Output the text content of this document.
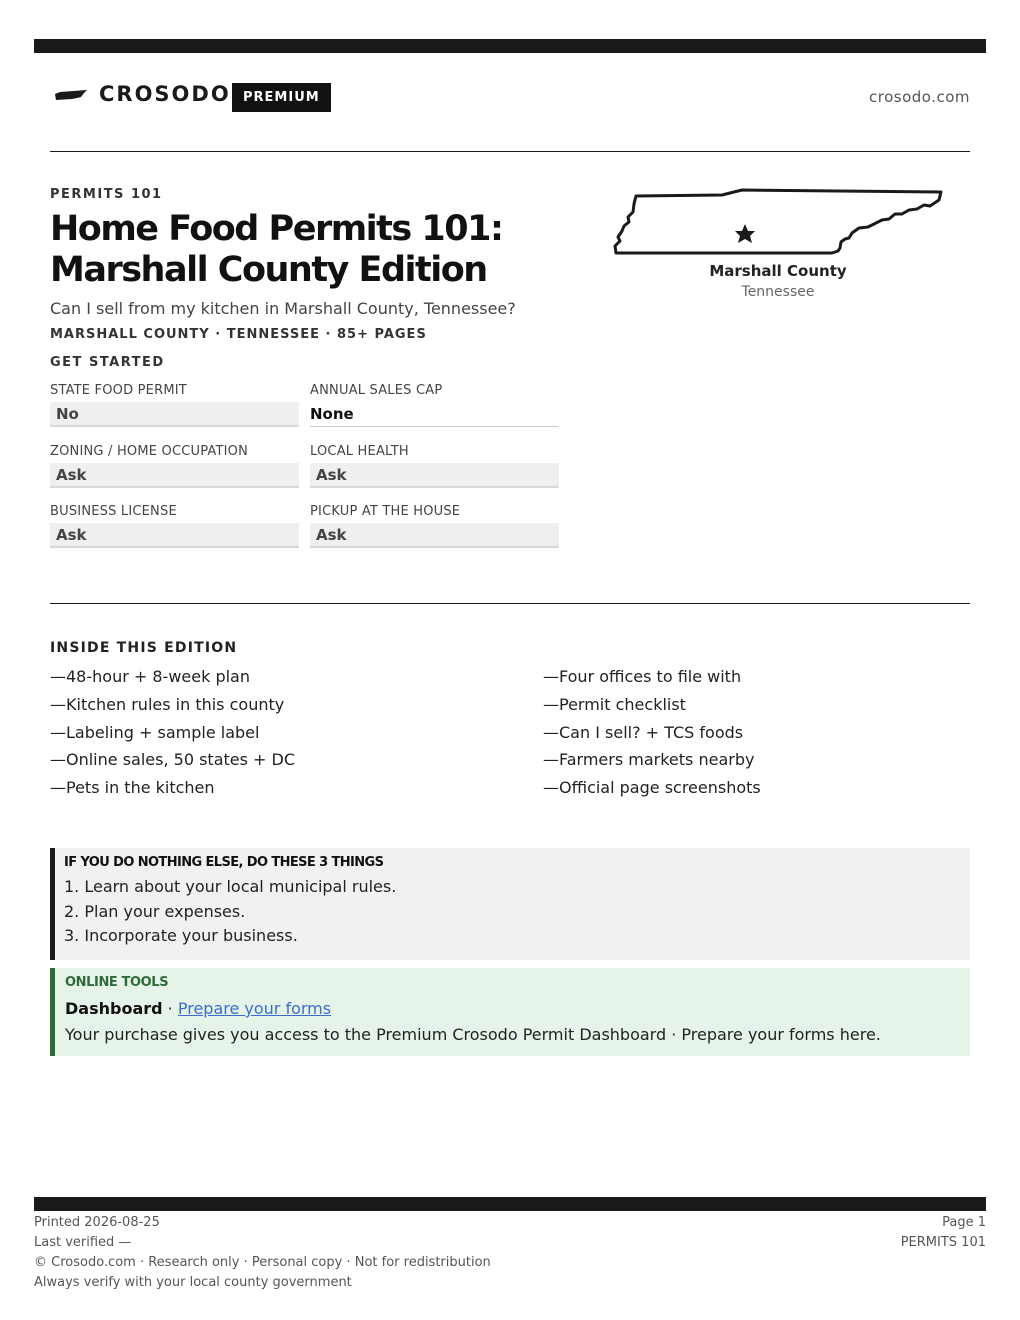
CROSODO PREMIUM	crosodo.com
PERMITS 101
Home Food Permits 101: Marshall County Edition
Can I sell from my kitchen in Marshall County, Tennessee?
MARSHALL COUNTY · TENNESSEE · 85+ PAGES
GET STARTED
STATE FOOD PERMIT
No
ANNUAL SALES CAP
None
ZONING / HOME OCCUPATION
Ask
LOCAL HEALTH
Ask
BUSINESS LICENSE
Ask
PICKUP AT THE HOUSE
Ask
Marshall County
Tennessee
INSIDE THIS EDITION
—48-hour + 8-week plan
—Kitchen rules in this county
—Labeling + sample label
—Online sales, 50 states + DC
—Pets in the kitchen
—Four offices to file with
—Permit checklist
—Can I sell? + TCS foods
—Farmers markets nearby
—Official page screenshots
IF YOU DO NOTHING ELSE, DO THESE 3 THINGS
1. Learn about your local municipal rules.
2. Plan your expenses.
3. Incorporate your business.
ONLINE TOOLS
Dashboard · Prepare your forms
Your purchase gives you access to the Premium Crosodo Permit Dashboard · Prepare your forms here.
Printed 2026-08-25
Last verified —
© Crosodo.com · Research only · Personal copy · Not for redistribution
Always verify with your local county government
Page 1
PERMITS 101
